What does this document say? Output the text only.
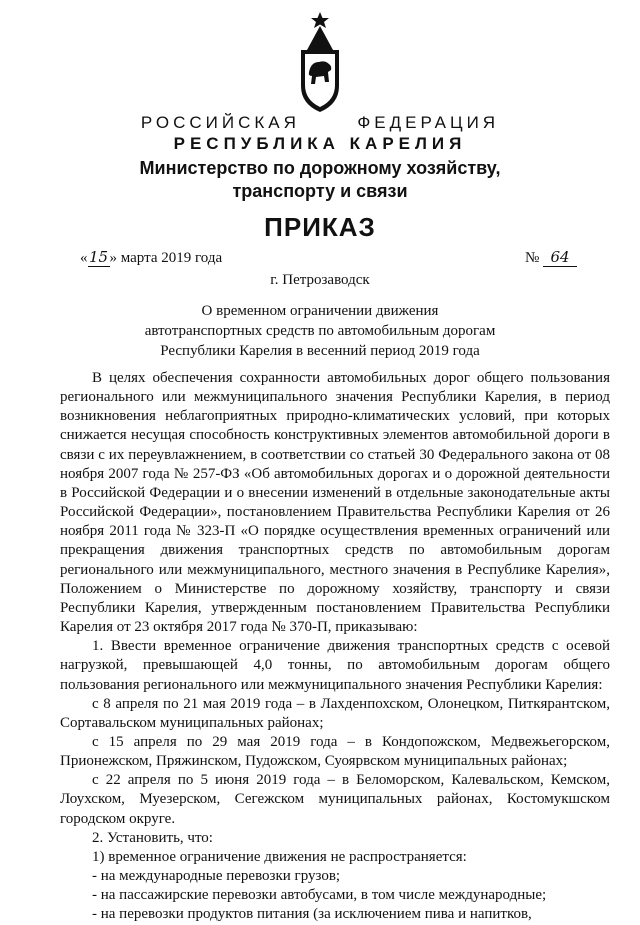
РОССИЙСКАЯ	ФЕДЕРАЦИЯ
РЕСПУБЛИКА КАРЕЛИЯ
Министерство по дорожному хозяйству,
транспорту и связи
ПРИКАЗ
«15» марта 2019 года	№ 64
г. Петрозаводск
О временном ограничении движения
автотранспортных средств по автомобильным дорогам
Республики Карелия в весенний период 2019 года

В целях обеспечения сохранности автомобильных дорог общего пользования регионального или межмуниципального значения Республики Карелия, в период возникновения неблагоприятных природно-климатических условий, при которых снижается несущая способность конструктивных элементов автомобильной дороги в связи с их переувлажнением, в соответствии со статьей 30 Федерального закона от 08 ноября 2007 года № 257-ФЗ «Об автомобильных дорогах и о дорожной деятельности в Российской Федерации и о внесении изменений в отдельные законодательные акты Российской Федерации», постановлением Правительства Республики Карелия от 26 ноября 2011 года № 323-П «О порядке осуществления временных ограничений или прекращения движения транспортных средств по автомобильным дорогам регионального или межмуниципального, местного значения в Республике Карелия», Положением о Министерстве по дорожному хозяйству, транспорту и связи Республики Карелия, утвержденным постановлением Правительства Республики Карелия от 23 октября 2017 года № 370-П, приказываю:

1. Ввести временное ограничение движения транспортных средств с осевой нагрузкой, превышающей 4,0 тонны, по автомобильным дорогам общего пользования регионального или межмуниципального значения Республики Карелия:

с 8 апреля по 21 мая 2019 года – в Лахденпохском, Олонецком, Питкярантском, Сортавальском муниципальных районах;

с 15 апреля по 29 мая 2019 года – в Кондопожском, Медвежьегорском, Прионежском, Пряжинском, Пудожском, Суоярвском муниципальных районах;

с 22 апреля по 5 июня 2019 года – в Беломорском, Калевальском, Кемском, Лоухском, Муезерском, Сегежском муниципальных районах, Костомукшском городском округе.

2. Установить, что:

1) временное ограничение движения не распространяется:

- на международные перевозки грузов;

- на пассажирские перевозки автобусами, в том числе международные;

- на перевозки продуктов питания (за исключением пива и напитков,
